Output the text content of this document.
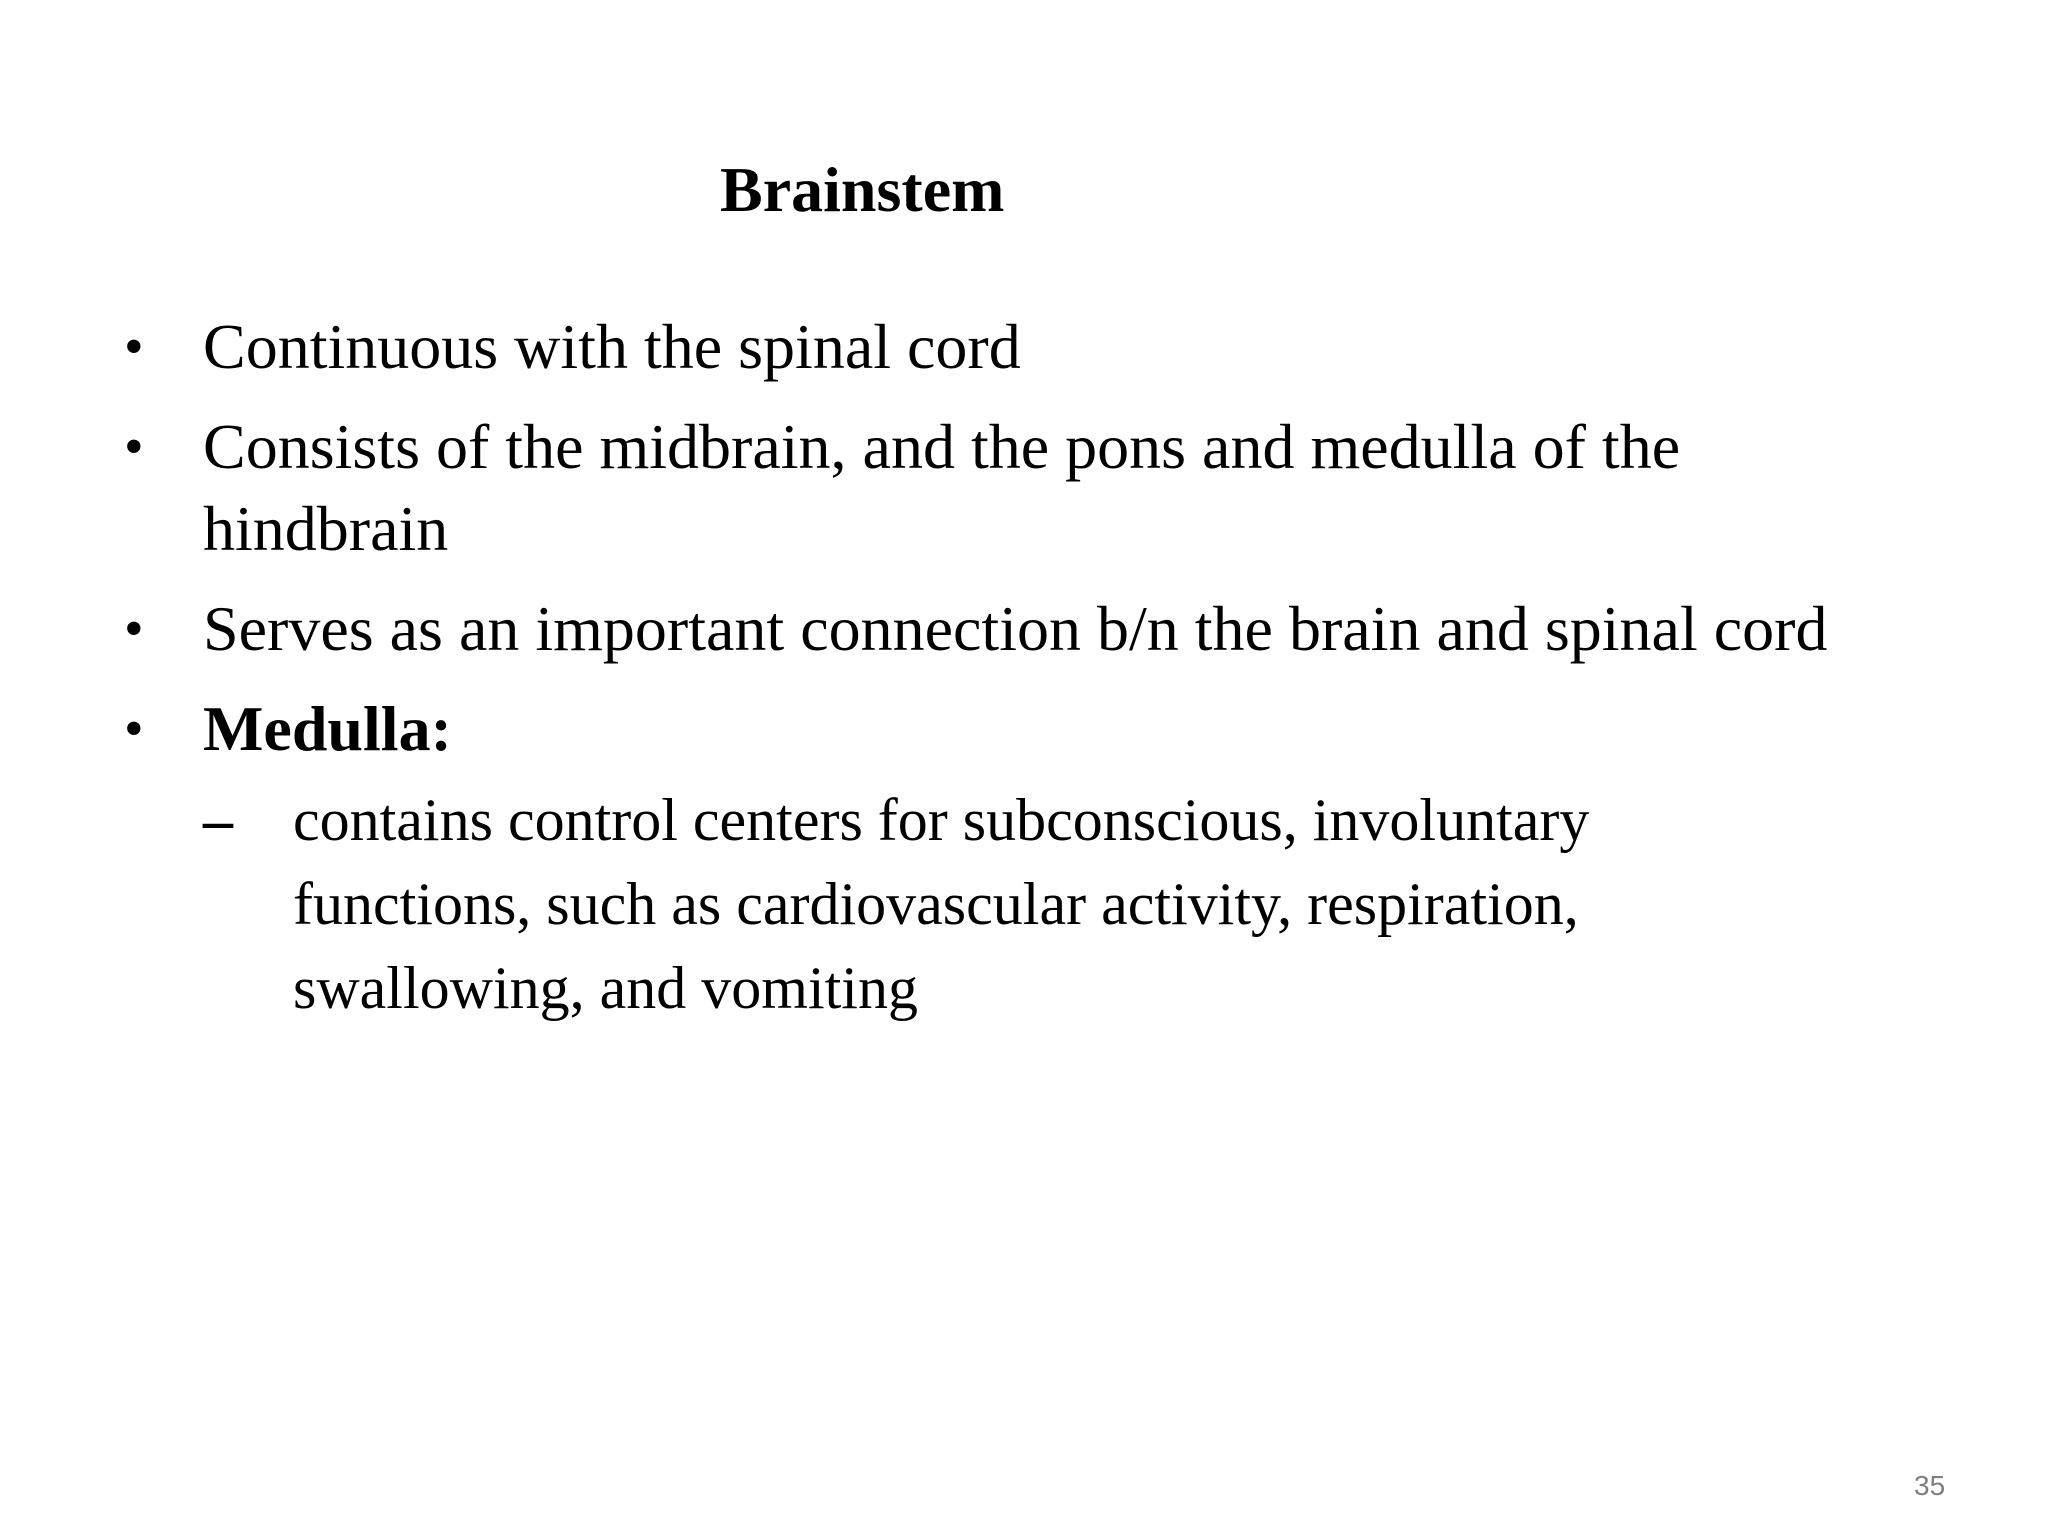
Brainstem
• Continuous with the spinal cord
• Consists of the midbrain, and the pons and medulla of the hindbrain
• Serves as an important connection b/n the brain and spinal cord
• Medulla:
– contains control centers for subconscious, involuntary functions, such as cardiovascular activity, respiration, swallowing, and vomiting
35
